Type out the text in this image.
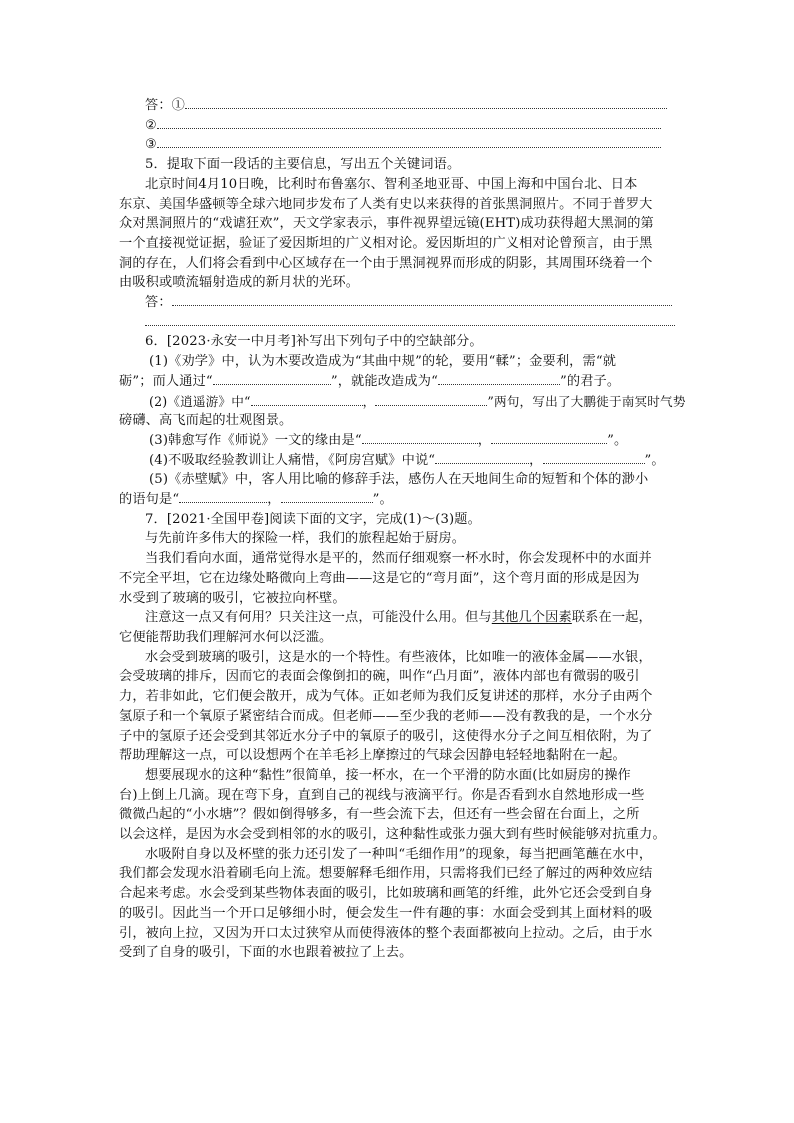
答：①
②
③
5．提取下面一段话的主要信息，写出五个关键词语。
北京时间4月10日晚，比利时布鲁塞尔、智利圣地亚哥、中国上海和中国台北、日本
东京、美国华盛顿等全球六地同步发布了人类有史以来获得的首张黑洞照片。不同于普罗大
众对黑洞照片的“戏谑狂欢”，天文学家表示，事件视界望远镜(EHT)成功获得超大黑洞的第
一个直接视觉证据，验证了爱因斯坦的广义相对论。爱因斯坦的广义相对论曾预言，由于黑
洞的存在，人们将会看到中心区域存在一个由于黑洞视界而形成的阴影，其周围环绕着一个
由吸积或喷流辐射造成的新月状的光环。
答：
6．[2023·永安一中月考]补写出下列句子中的空缺部分。
(1)《劝学》中，认为木要改造成为“其曲中规”的轮，要用“輮”；金要利，需“就
砺”；而人通过“	”，就能改造成为“	”的君子。
(2)《逍遥游》中“	，	”两句，写出了大鹏徙于南冥时气势
磅礴、高飞而起的壮观图景。
(3)韩愈写作《师说》一文的缘由是“	，	”。
(4)不吸取经验教训让人痛惜，《阿房宫赋》中说“	，	”。
(5)《赤壁赋》中，客人用比喻的修辞手法，感伤人在天地间生命的短暂和个体的渺小
的语句是“	，	”。
7．[2021·全国甲卷]阅读下面的文字，完成(1)～(3)题。
与先前许多伟大的探险一样，我们的旅程起始于厨房。
当我们看向水面，通常觉得水是平的，然而仔细观察一杯水时，你会发现杯中的水面并
不完全平坦，它在边缘处略微向上弯曲——这是它的“弯月面”，这个弯月面的形成是因为
水受到了玻璃的吸引，它被拉向杯壁。
注意这一点又有何用？只关注这一点，可能没什么用。但与其他几个因素联系在一起，
它便能帮助我们理解河水何以泛滥。
水会受到玻璃的吸引，这是水的一个特性。有些液体，比如唯一的液体金属——水银，
会受玻璃的排斥，因而它的表面会像倒扣的碗，叫作“凸月面”，液体内部也有微弱的吸引
力，若非如此，它们便会散开，成为气体。正如老师为我们反复讲述的那样，水分子由两个
氢原子和一个氧原子紧密结合而成。但老师——至少我的老师——没有教我的是，一个水分
子中的氢原子还会受到其邻近水分子中的氧原子的吸引，这使得水分子之间互相依附，为了
帮助理解这一点，可以设想两个在羊毛衫上摩擦过的气球会因静电轻轻地黏附在一起。
想要展现水的这种“黏性”很简单，接一杯水，在一个平滑的防水面(比如厨房的操作
台)上倒上几滴。现在弯下身，直到自己的视线与液滴平行。你是否看到水自然地形成一些
微微凸起的“小水塘”？假如倒得够多，有一些会流下去，但还有一些会留在台面上，之所
以会这样，是因为水会受到相邻的水的吸引，这种黏性或张力强大到有些时候能够对抗重力。
水吸附自身以及杯壁的张力还引发了一种叫“毛细作用”的现象，每当把画笔蘸在水中，
我们都会发现水沿着刷毛向上流。想要解释毛细作用，只需将我们已经了解过的两种效应结
合起来考虑。水会受到某些物体表面的吸引，比如玻璃和画笔的纤维，此外它还会受到自身
的吸引。因此当一个开口足够细小时，便会发生一件有趣的事：水面会受到其上面材料的吸
引，被向上拉，又因为开口太过狭窄从而使得液体的整个表面都被向上拉动。之后，由于水
受到了自身的吸引，下面的水也跟着被拉了上去。
